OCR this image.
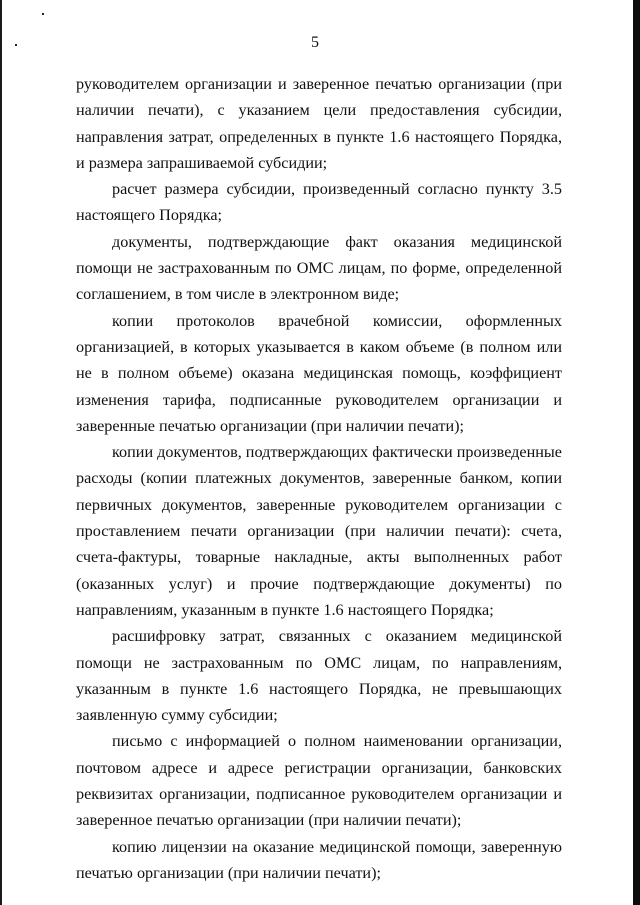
5

руководителем организации и заверенное печатью организации (при наличии печати), с указанием цели предоставления субсидии, направления затрат, определенных в пункте 1.6 настоящего Порядка, и размера запрашиваемой субсидии;

расчет размера субсидии, произведенный согласно пункту 3.5 настоящего Порядка;

документы, подтверждающие факт оказания медицинской помощи не застрахованным по ОМС лицам, по форме, определенной соглашением, в том числе в электронном виде;

копии протоколов врачебной комиссии, оформленных организацией, в которых указывается в каком объеме (в полном или не в полном объеме) оказана медицинская помощь, коэффициент изменения тарифа, подписанные руководителем организации и заверенные печатью организации (при наличии печати);

копии документов, подтверждающих фактически произведенные расходы (копии платежных документов, заверенные банком, копии первичных документов, заверенные руководителем организации с проставлением печати организации (при наличии печати): счета, счета-фактуры, товарные накладные, акты выполненных работ (оказанных услуг) и прочие подтверждающие документы) по направлениям, указанным в пункте 1.6 настоящего Порядка;

расшифровку затрат, связанных с оказанием медицинской помощи не застрахованным по ОМС лицам, по направлениям, указанным в пункте 1.6 настоящего Порядка, не превышающих заявленную сумму субсидии;

письмо с информацией о полном наименовании организации, почтовом адресе и адресе регистрации организации, банковских реквизитах организации, подписанное руководителем организации и заверенное печатью организации (при наличии печати);

копию лицензии на оказание медицинской помощи, заверенную печатью организации (при наличии печати);
